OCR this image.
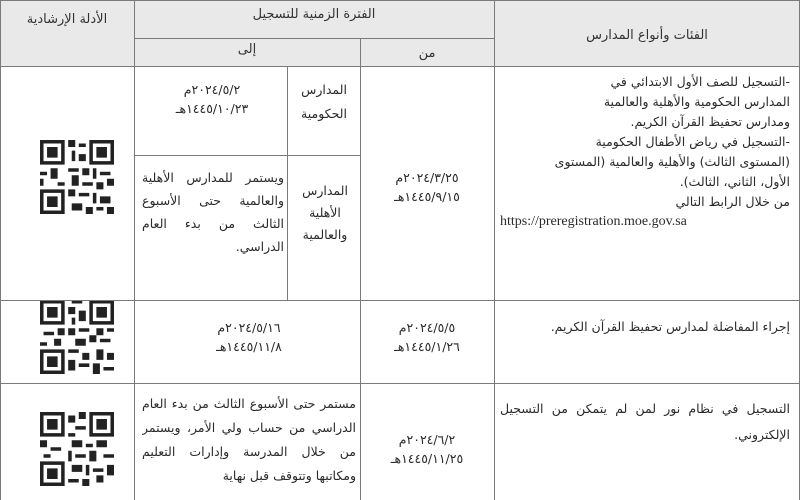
الأدلة الإرشادية	الفترة الزمنية للتسجيل
إلى	من
الفئات وأنواع المدارس
-التسجيل للصف الأول الابتدائي في
المدارس الحكومية والأهلية والعالمية
ومدارس تحفيظ القرآن الكريم.
-التسجيل في رياض الأطفال الحكومية
(المستوى الثالث) والأهلية والعالمية (المستوى
الأول، الثاني، الثالث).
من خلال الرابط التالي
https://preregistration.moe.gov.sa
٢٠٢٤/٣/٢٥م
١٤٤٥/٩/١٥هـ
المدارس الحكومية
٢٠٢٤/٥/٢م
١٤٤٥/١٠/٢٣هـ
المدارس الأهلية والعالمية
ويستمر للمدارس الأهلية والعالمية حتى الأسبوع الثالث من بدء العام الدراسي.
إجراء المفاضلة لمدارس تحفيظ القرآن الكريم.
٢٠٢٤/٥/٥م
١٤٤٥/١/٢٦هـ
٢٠٢٤/٥/١٦م
١٤٤٥/١١/٨هـ
التسجيل في نظام نور لمن لم يتمكن من التسجيل الإلكتروني.
٢٠٢٤/٦/٢م
١٤٤٥/١١/٢٥هـ
مستمر حتى الأسبوع الثالث من بدء العام الدراسي من حساب ولي الأمر، ويستمر من خلال المدرسة وإدارات التعليم ومكاتبها وتتوقف قبل نهاية
